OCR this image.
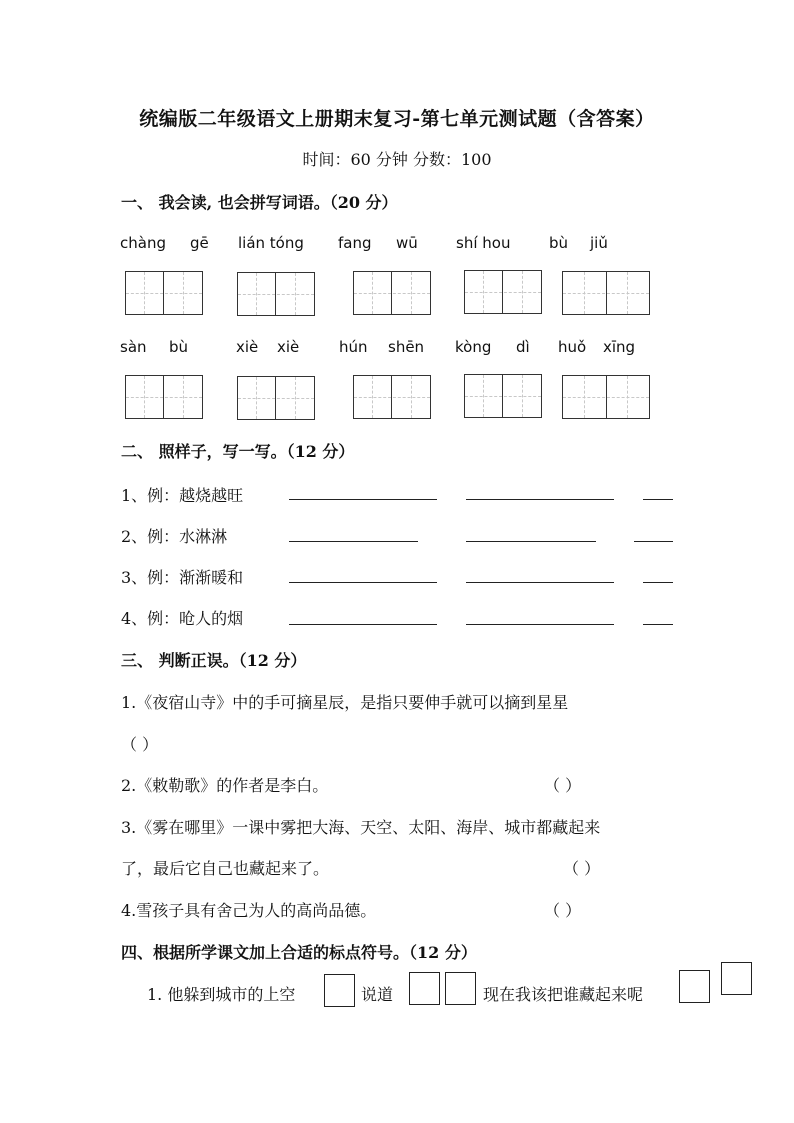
统编版二年级语文上册期末复习-第七单元测试题（含答案）
时间：60 分钟 分数：100
一、 我会读, 也会拼写词语。（20 分）
chàng gē lián tóng fang wū	shí hou	bù jiǔ
sàn bù	xiè xiè	hún shēn kòng dì huǒ xīng
二、 照样子，写一写。（12 分）
1、例：越烧越旺
2、例：水淋淋
3、例：渐渐暖和
4、例：呛人的烟
三、 判断正误。（12 分）
1.《夜宿山寺》中的手可摘星辰，是指只要伸手就可以摘到星星
（ ）
2.《敕勒歌》的作者是李白。	（ ）
3.《雾在哪里》一课中雾把大海、天空、太阳、海岸、城市都藏起来
了，最后它自己也藏起来了。	（ ）
4.雪孩子具有舍己为人的高尚品德。	（ ）
四、根据所学课文加上合适的标点符号。（12 分）
1. 他躲到城市的上空	说道	现在我该把谁藏起来呢
